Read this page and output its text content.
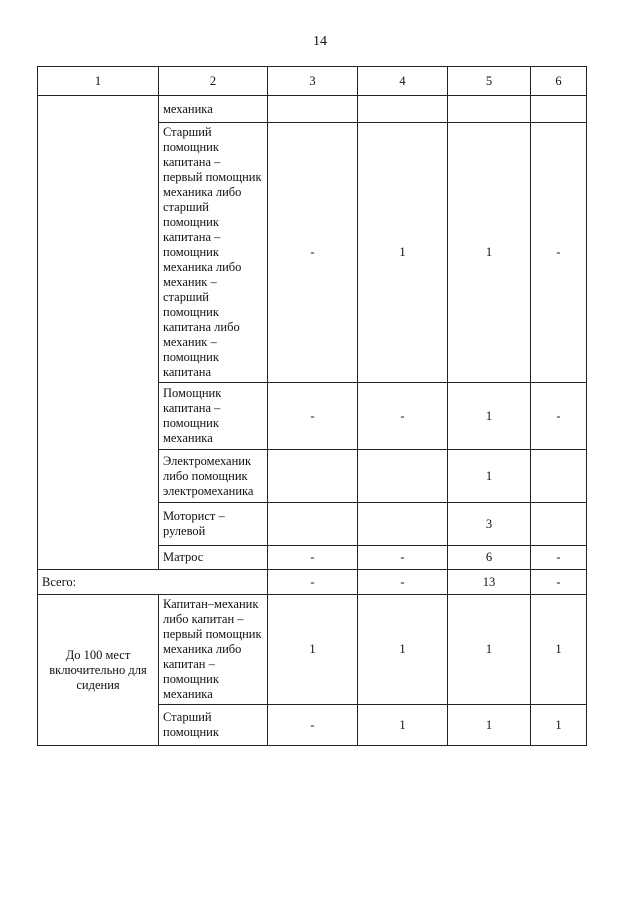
14
1	2	3	4	5	6
	механика				
	Старший помощник капитана – первый помощник механика либо старший помощник капитана – помощник механика либо механик – старший помощник капитана либо механик – помощник капитана	-	1	1	-
	Помощник капитана – помощник механика	-	-	1	-
	Электромеханик либо помощник электромеханика			1	
	Моторист – рулевой			3	
	Матрос	-	-	6	-
Всего:		-	-	13	-
До 100 мест включительно для сидения	Капитан–механик либо капитан – первый помощник механика либо капитан – помощник механика	1	1	1	1
	Старший помощник	-	1	1	1
